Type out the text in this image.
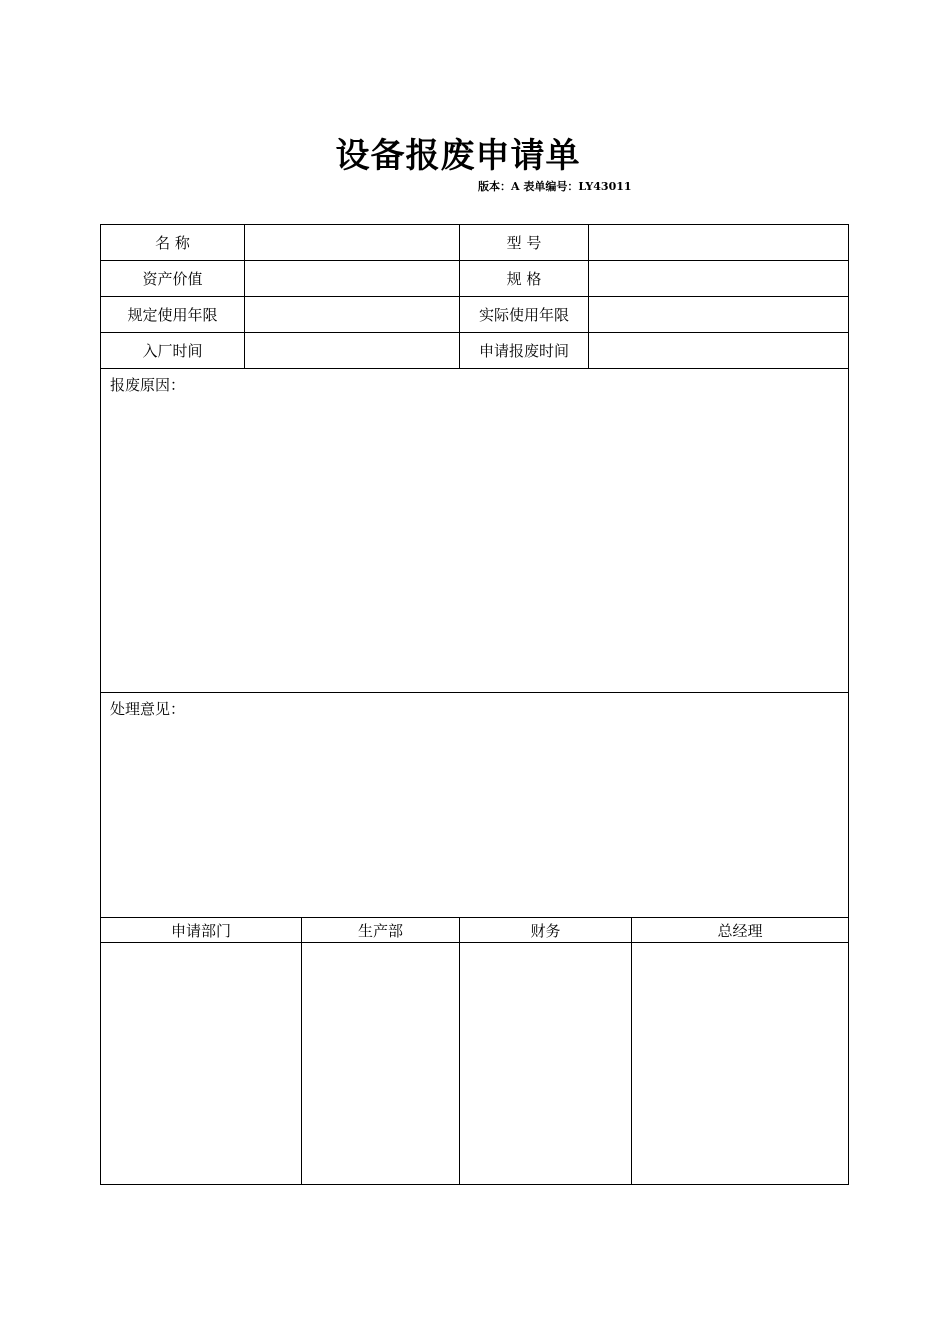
设备报废申请单
版本：A 表单编号：LY43011
名 称		型 号	
资产价值		规 格	
规定使用年限		实际使用年限	
入厂时间		申请报废时间	
报废原因：			
处理意见：			
申请部门	生产部	财务	总经理
